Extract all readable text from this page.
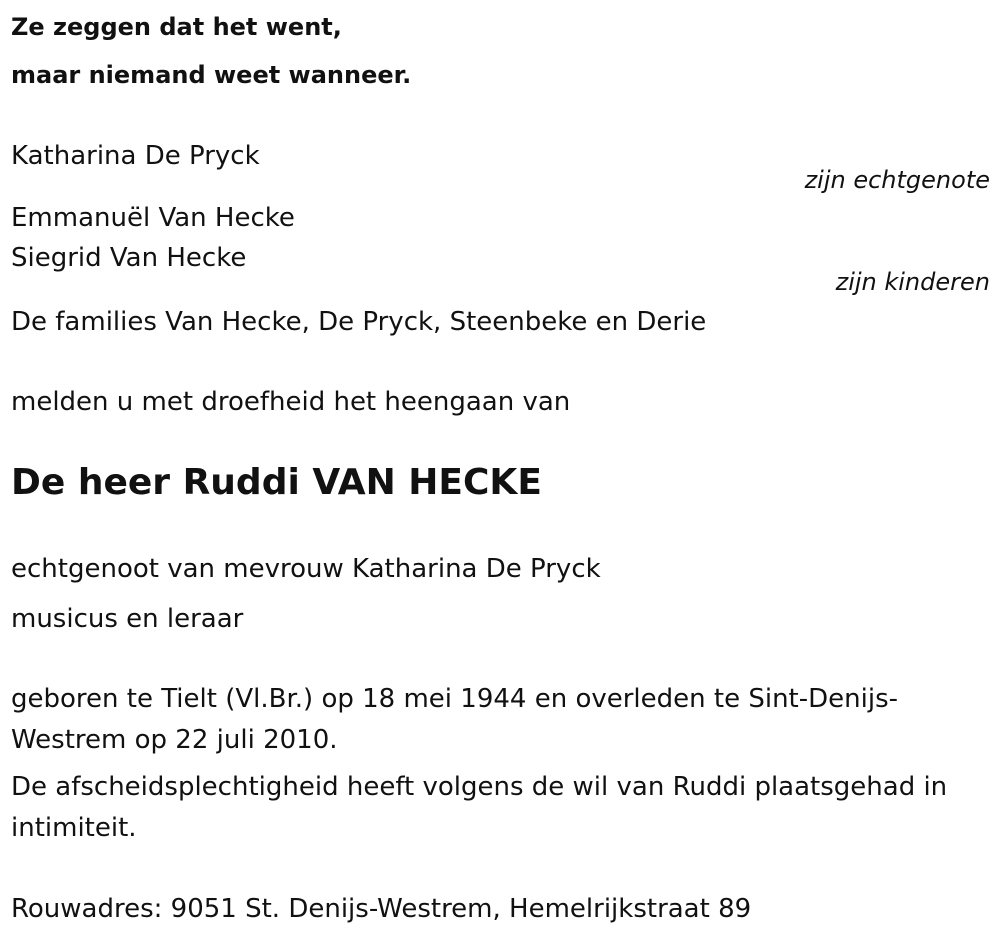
Ze zeggen dat het went,
maar niemand weet wanneer.
Katharina De Pryck
zijn echtgenote
Emmanuël Van Hecke
Siegrid Van Hecke
zijn kinderen
De families Van Hecke, De Pryck, Steenbeke en Derie
melden u met droefheid het heengaan van
De heer Ruddi VAN HECKE
echtgenoot van mevrouw Katharina De Pryck
musicus en leraar
geboren te Tielt (Vl.Br.) op 18 mei 1944 en overleden te Sint-Denijs-Westrem op 22 juli 2010.
De afscheidsplechtigheid heeft volgens de wil van Ruddi plaatsgehad in intimiteit.
Rouwadres: 9051 St. Denijs-Westrem, Hemelrijkstraat 89
